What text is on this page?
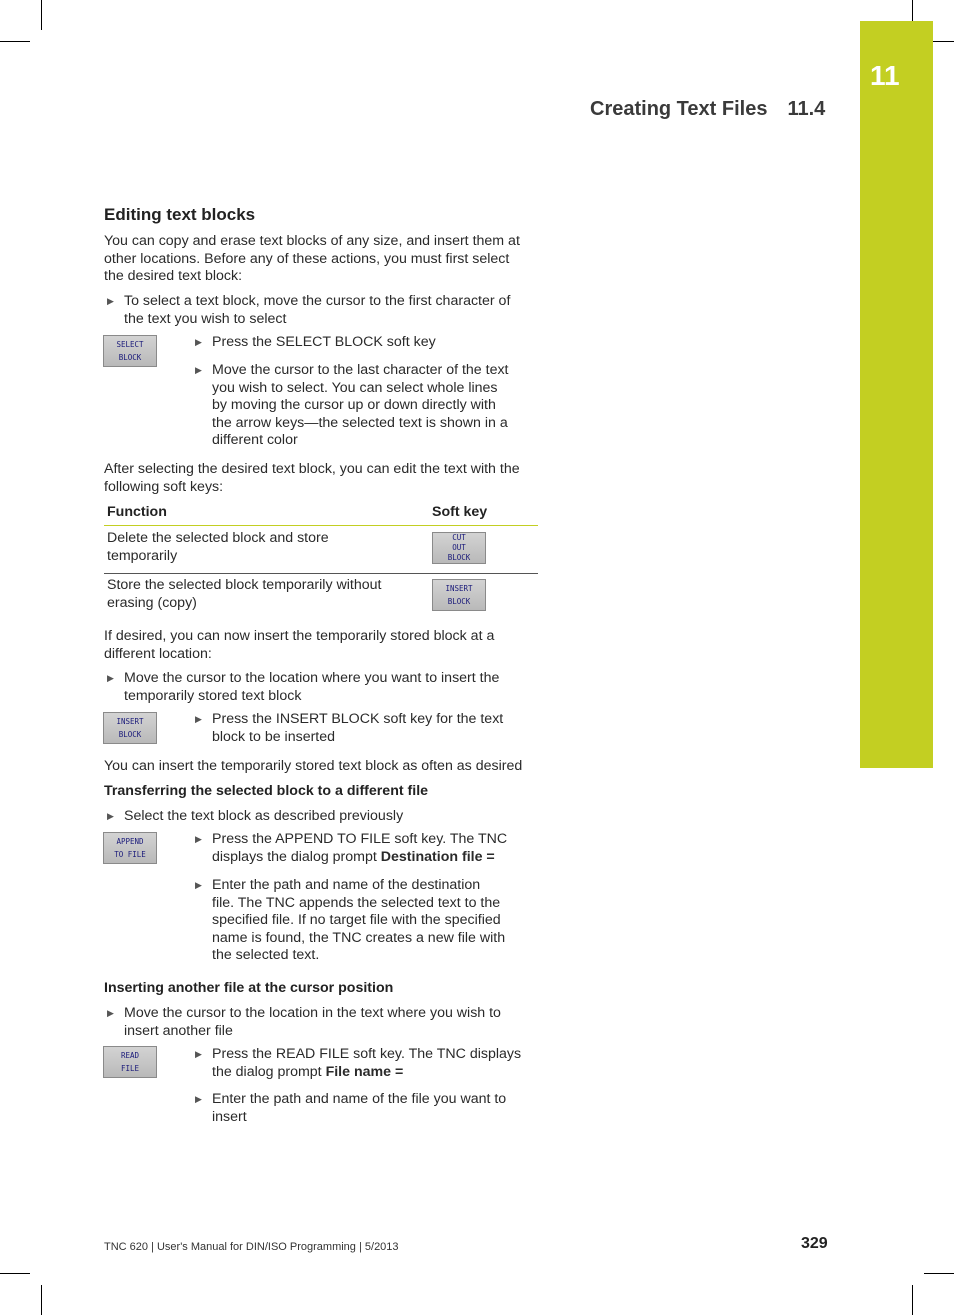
11
Creating Text Files 11.4
Editing text blocks
You can copy and erase text blocks of any size, and insert them at
other locations. Before any of these actions, you must first select
the desired text block:
▶ To select a text block, move the cursor to the first character of
the text you wish to select
SELECT
BLOCK
▶ Press the SELECT BLOCK soft key
▶ Move the cursor to the last character of the text
you wish to select. You can select whole lines
by moving the cursor up or down directly with
the arrow keys—the selected text is shown in a
different color
After selecting the desired text block, you can edit the text with the
following soft keys:
Function	Soft key
Delete the selected block and store
temporarily
CUT
OUT
BLOCK
Store the selected block temporarily without
erasing (copy)
INSERT
BLOCK
If desired, you can now insert the temporarily stored block at a
different location:
▶ Move the cursor to the location where you want to insert the
temporarily stored text block
INSERT
BLOCK
▶ Press the INSERT BLOCK soft key for the text
block to be inserted
You can insert the temporarily stored text block as often as desired
Transferring the selected block to a different file
▶ Select the text block as described previously
APPEND
TO FILE
▶ Press the APPEND TO FILE soft key. The TNC
displays the dialog prompt Destination file =
▶ Enter the path and name of the destination
file. The TNC appends the selected text to the
specified file. If no target file with the specified
name is found, the TNC creates a new file with
the selected text.
Inserting another file at the cursor position
▶ Move the cursor to the location in the text where you wish to
insert another file
READ
FILE
▶ Press the READ FILE soft key. The TNC displays
the dialog prompt File name =
▶ Enter the path and name of the file you want to
insert
TNC 620 | User's Manual for DIN/ISO Programming | 5/2013	329
